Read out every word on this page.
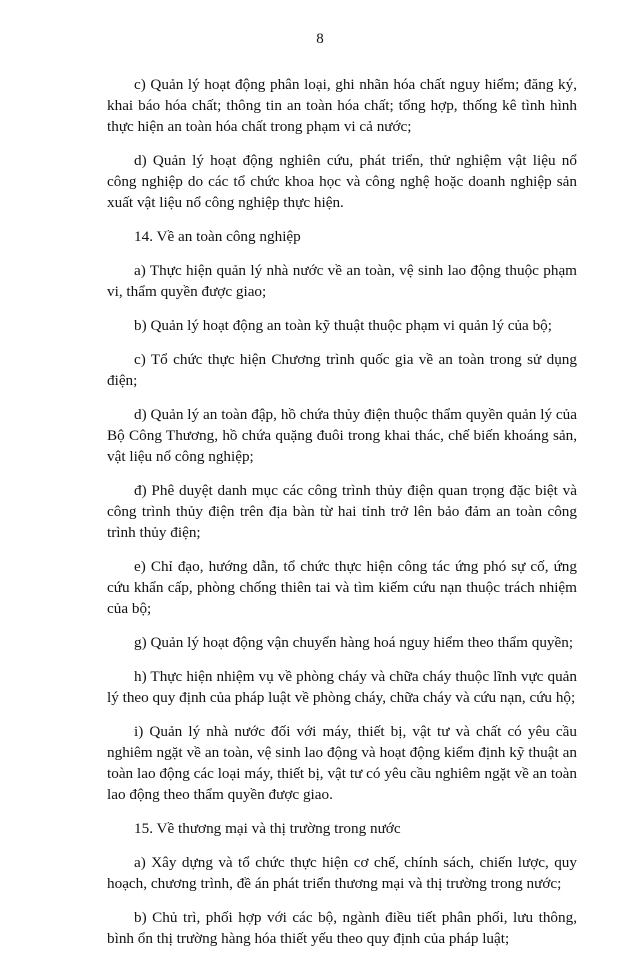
8

c) Quản lý hoạt động phân loại, ghi nhãn hóa chất nguy hiểm; đăng ký, khai báo hóa chất; thông tin an toàn hóa chất; tổng hợp, thống kê tình hình thực hiện an toàn hóa chất trong phạm vi cả nước;

d) Quản lý hoạt động nghiên cứu, phát triển, thử nghiệm vật liệu nổ công nghiệp do các tổ chức khoa học và công nghệ hoặc doanh nghiệp sản xuất vật liệu nổ công nghiệp thực hiện.

14. Về an toàn công nghiệp

a) Thực hiện quản lý nhà nước về an toàn, vệ sinh lao động thuộc phạm vi, thẩm quyền được giao;

b) Quản lý hoạt động an toàn kỹ thuật thuộc phạm vi quản lý của bộ;

c) Tổ chức thực hiện Chương trình quốc gia về an toàn trong sử dụng điện;

d) Quản lý an toàn đập, hồ chứa thủy điện thuộc thẩm quyền quản lý của Bộ Công Thương, hồ chứa quặng đuôi trong khai thác, chế biến khoáng sản, vật liệu nổ công nghiệp;

đ) Phê duyệt danh mục các công trình thủy điện quan trọng đặc biệt và công trình thủy điện trên địa bàn từ hai tỉnh trở lên bảo đảm an toàn công trình thủy điện;

e) Chỉ đạo, hướng dẫn, tổ chức thực hiện công tác ứng phó sự cố, ứng cứu khẩn cấp, phòng chống thiên tai và tìm kiếm cứu nạn thuộc trách nhiệm của bộ;

g) Quản lý hoạt động vận chuyển hàng hoá nguy hiểm theo thẩm quyền;

h) Thực hiện nhiệm vụ về phòng cháy và chữa cháy thuộc lĩnh vực quản lý theo quy định của pháp luật về phòng cháy, chữa cháy và cứu nạn, cứu hộ;

i) Quản lý nhà nước đối với máy, thiết bị, vật tư và chất có yêu cầu nghiêm ngặt về an toàn, vệ sinh lao động và hoạt động kiểm định kỹ thuật an toàn lao động các loại máy, thiết bị, vật tư có yêu cầu nghiêm ngặt về an toàn lao động theo thẩm quyền được giao.

15. Về thương mại và thị trường trong nước

a) Xây dựng và tổ chức thực hiện cơ chế, chính sách, chiến lược, quy hoạch, chương trình, đề án phát triển thương mại và thị trường trong nước;

b) Chủ trì, phối hợp với các bộ, ngành điều tiết phân phối, lưu thông, bình ổn thị trường hàng hóa thiết yếu theo quy định của pháp luật;
